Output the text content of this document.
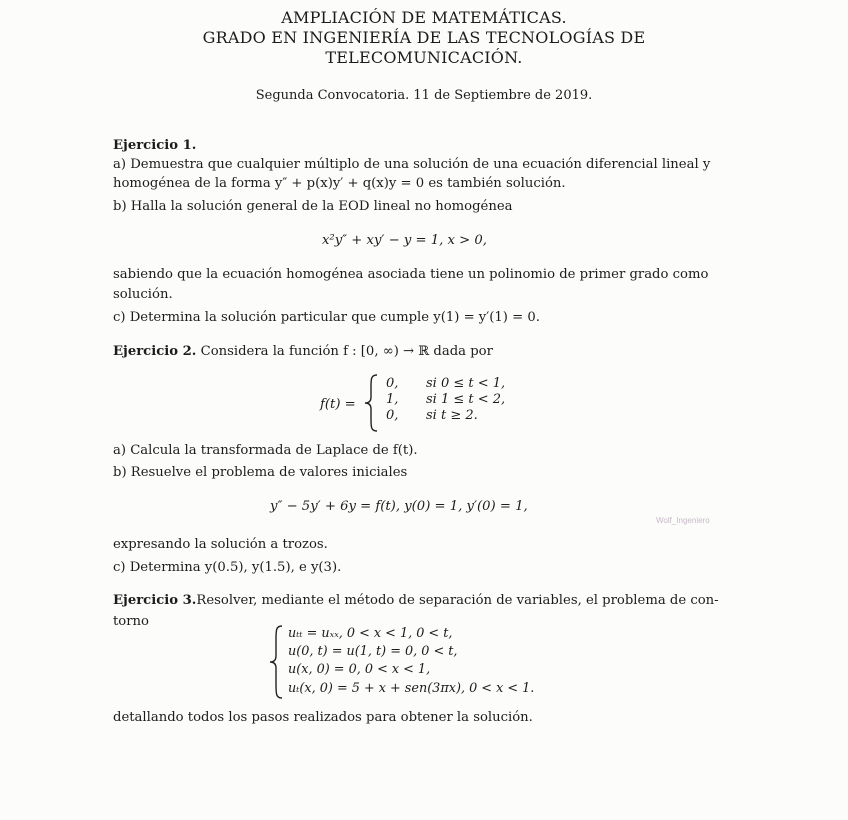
AMPLIACIÓN DE MATEMÁTICAS.
GRADO EN INGENIERÍA DE LAS TECNOLOGÍAS DE
TELECOMUNICACIÓN.
Segunda Convocatoria. 11 de Septiembre de 2019.
Ejercicio 1.
a) Demuestra que cualquier múltiplo de una solución de una ecuación diferencial lineal y
homogénea de la forma y″ + p(x)y′ + q(x)y = 0 es también solución.
b) Halla la solución general de la EOD lineal no homogénea
x²y″ + xy′ − y = 1, x > 0,
sabiendo que la ecuación homogénea asociada tiene un polinomio de primer grado como
solución.
c) Determina la solución particular que cumple y(1) = y′(1) = 0.
Ejercicio 2. Considera la función f : [0, ∞) → ℝ dada por
f(t) =
0,	si 0 ≤ t < 1,
1,	si 1 ≤ t < 2,
0,	si t ≥ 2.
a) Calcula la transformada de Laplace de f(t).
b) Resuelve el problema de valores iniciales
y″ − 5y′ + 6y = f(t), y(0) = 1, y′(0) = 1,
Wolf_Ingeniero
expresando la solución a trozos.
c) Determina y(0.5), y(1.5), e y(3).
Ejercicio 3.Resolver, mediante el método de separación de variables, el problema de con-
torno
uₜₜ = uₓₓ, 0 < x < 1, 0 < t,
u(0, t) = u(1, t) = 0, 0 < t,
u(x, 0) = 0, 0 < x < 1,
uₜ(x, 0) = 5 + x + sen(3πx), 0 < x < 1.
detallando todos los pasos realizados para obtener la solución.
